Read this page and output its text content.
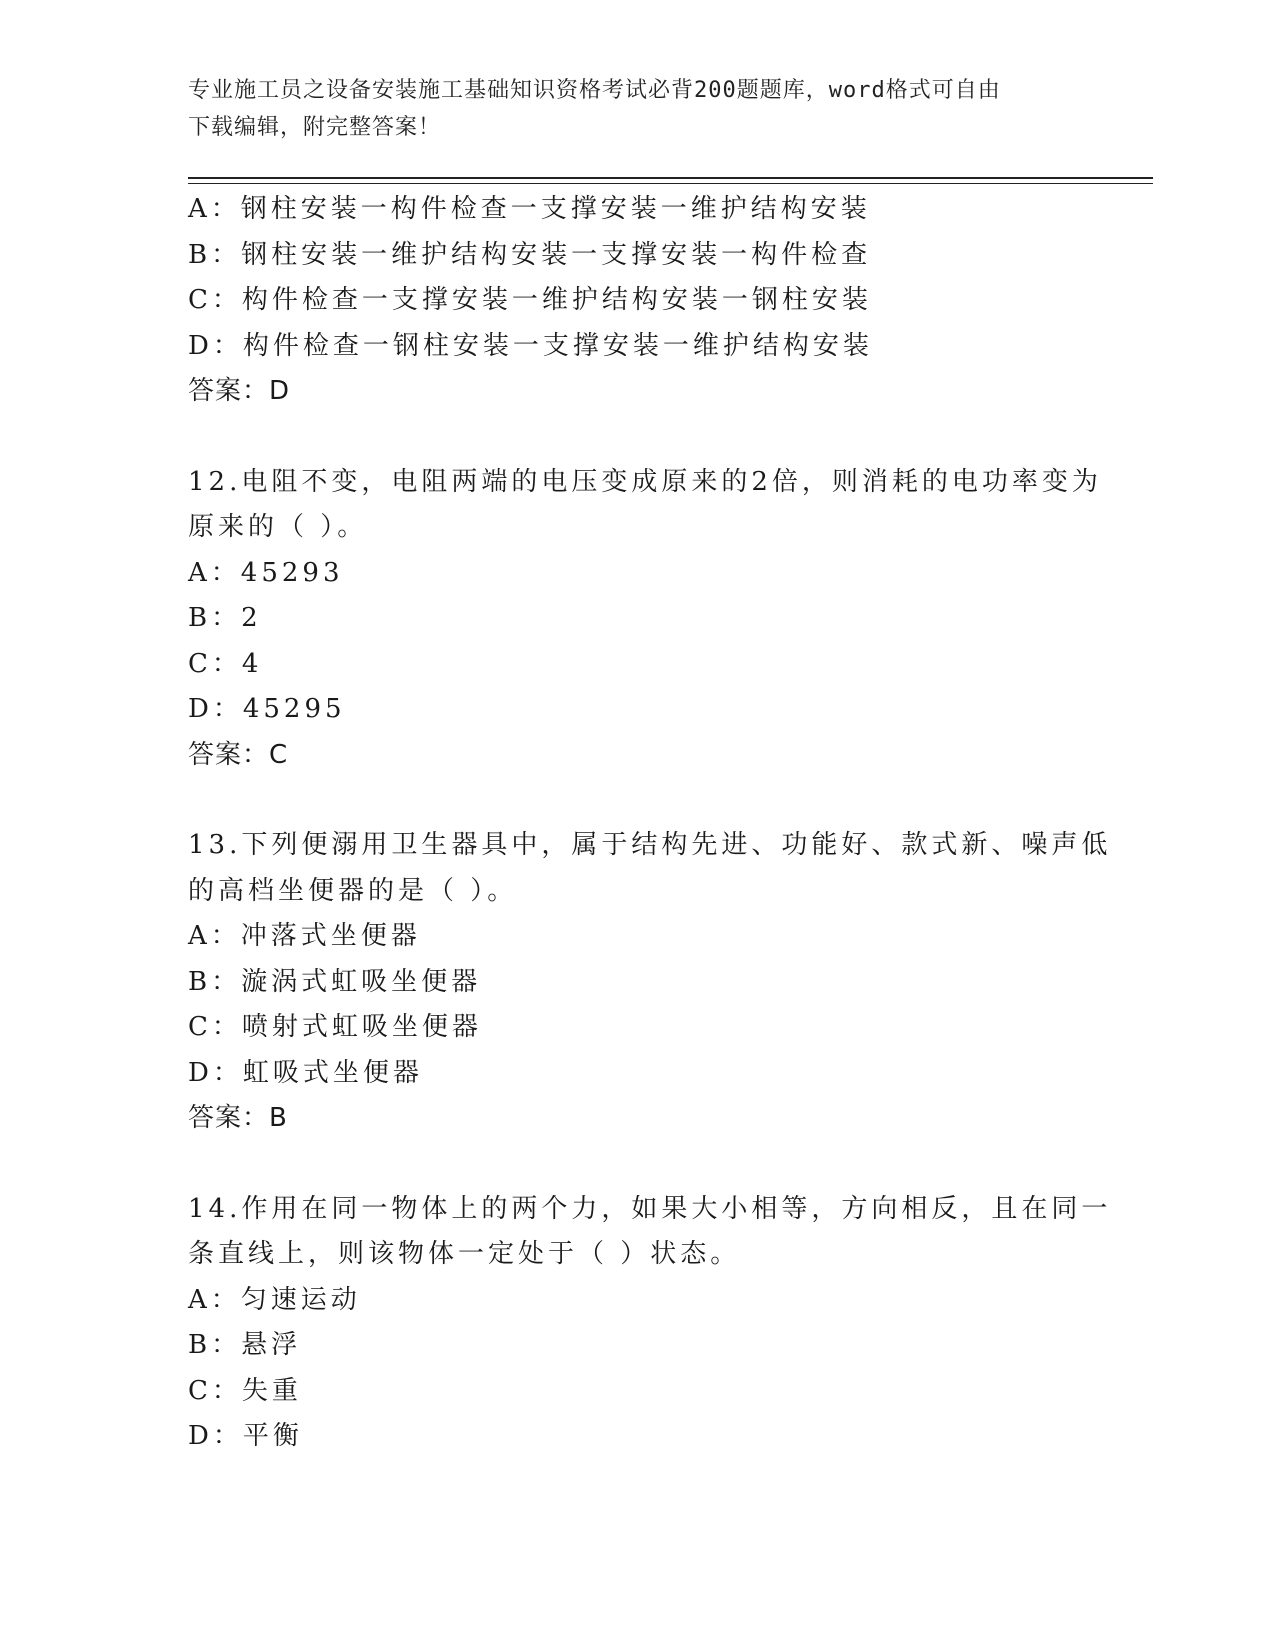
专业施工员之设备安装施工基础知识资格考试必背200题题库，word格式可自由
下载编辑，附完整答案！
A：钢柱安装一构件检查一支撑安装一维护结构安装
B：钢柱安装一维护结构安装一支撑安装一构件检查
C：构件检查一支撑安装一维护结构安装一钢柱安装
D：构件检查一钢柱安装一支撑安装一维护结构安装
答案：D
12.电阻不变，电阻两端的电压变成原来的2倍，则消耗的电功率变为
原来的（ ）。
A：45293
B：2
C：4
D：45295
答案：C
13.下列便溺用卫生器具中，属于结构先进、功能好、款式新、噪声低
的高档坐便器的是（ ）。
A：冲落式坐便器
B：漩涡式虹吸坐便器
C：喷射式虹吸坐便器
D：虹吸式坐便器
答案：B
14.作用在同一物体上的两个力，如果大小相等，方向相反，且在同一
条直线上，则该物体一定处于（ ）状态。
A：匀速运动
B：悬浮
C：失重
D：平衡
